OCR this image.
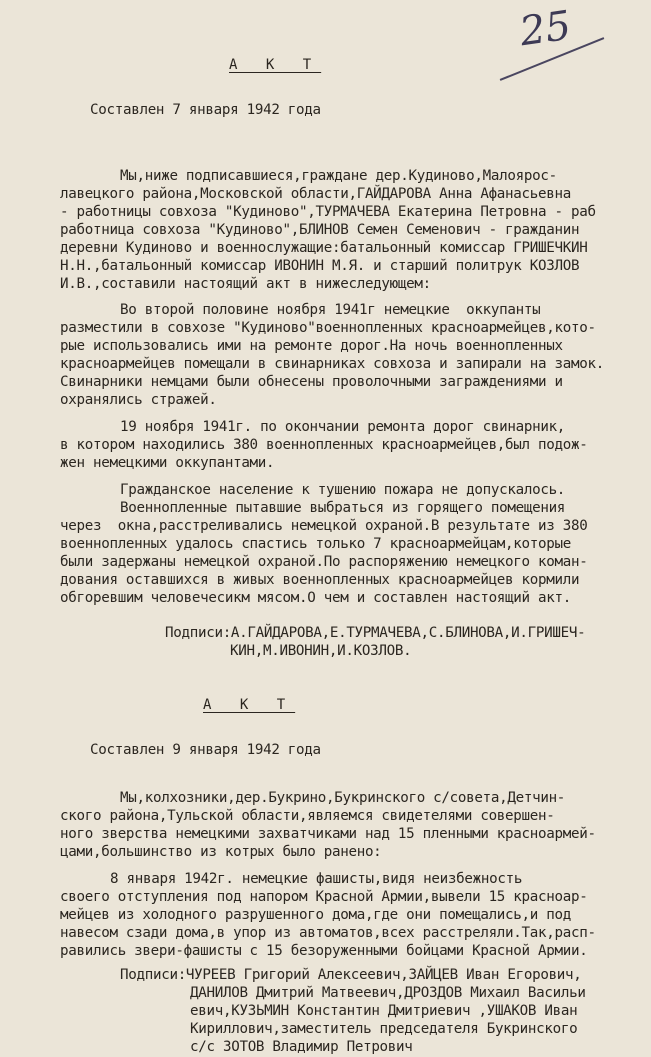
25
А К Т
Составлен 7 января 1942 года
Мы,ниже подписавшиеся,граждане дер.Кудиново,Малоярос-
лавецкого района,Московской области,ГАЙДАРОВА Анна Афанасьевна
- работницы совхоза "Кудиново",ТУРМАЧЕВА Екатерина Петровна - раб
работница совхоза "Кудиново",БЛИНОВ Семен Семенович - гражданин
деревни Кудиново и военнослужащие:батальонный комиссар ГРИШЕЧКИН
Н.Н.,батальонный комиссар ИВОНИН М.Я. и старший политрук КОЗЛОВ
И.В.,составили настоящий акт в нижеследующем:
Во второй половине ноября 1941г немецкие  оккупанты
разместили в совхозе "Кудиново"военнопленных красноармейцев,кото-
рые использовались ими на ремонте дорог.На ночь военнопленных
красноармейцев помещали в свинарниках совхоза и запирали на замок.
Свинарники немцами были обнесены проволочными заграждениями и
охранялись стражей.
19 ноября 1941г. по окончании ремонта дорог свинарник,
в котором находились 380 военнопленных красноармейцев,был подож-
жен немецкими оккупантами.
Гражданское население к тушению пожара не допускалось.
Военнопленные пытавшие выбраться из горящего помещения
через  окна,расстреливались немецкой охраной.В результате из 380
военнопленных удалось спастись только 7 красноармейцам,которые
были задержаны немецкой охраной.По распоряжению немецкого коман-
дования оставшихся в живых военнопленных красноармейцев кормили
обгоревшим человечесикм мясом.О чем и составлен настоящий акт.
Подписи:А.ГАЙДАРОВА,Е.ТУРМАЧЕВА,С.БЛИНОВА,И.ГРИШЕЧ-
КИН,М.ИВОНИН,И.КОЗЛОВ.
А К Т
Составлен 9 января 1942 года
Мы,колхозники,дер.Букрино,Букринского с/совета,Детчин-
ского района,Тульской области,являемся свидетелями совершен-
ного зверства немецкими захватчиками над 15 пленными красноармей-
цами,большинство из котрых было ранено:
8 января 1942г. немецкие фашисты,видя неизбежность
своего отступления под напором Красной Армии,вывели 15 красноар-
мейцев из холодного разрушенного дома,где они помещались,и под
навесом сзади дома,в упор из автоматов,всех расстреляли.Так,расп-
равились звери-фашисты с 15 безоруженными бойцами Красной Армии.
Подписи:ЧУРЕЕВ Григорий Алексеевич,ЗАЙЦЕВ Иван Егорович,
ДАНИЛОВ Дмитрий Матвеевич,ДРОЗДОВ Михаил Васильи
евич,КУЗЬМИН Константин Дмитриевич ,УШАКОВ Иван
Кириллович,заместитель председателя Букринского
с/с ЗОТОВ Владимир Петрович
